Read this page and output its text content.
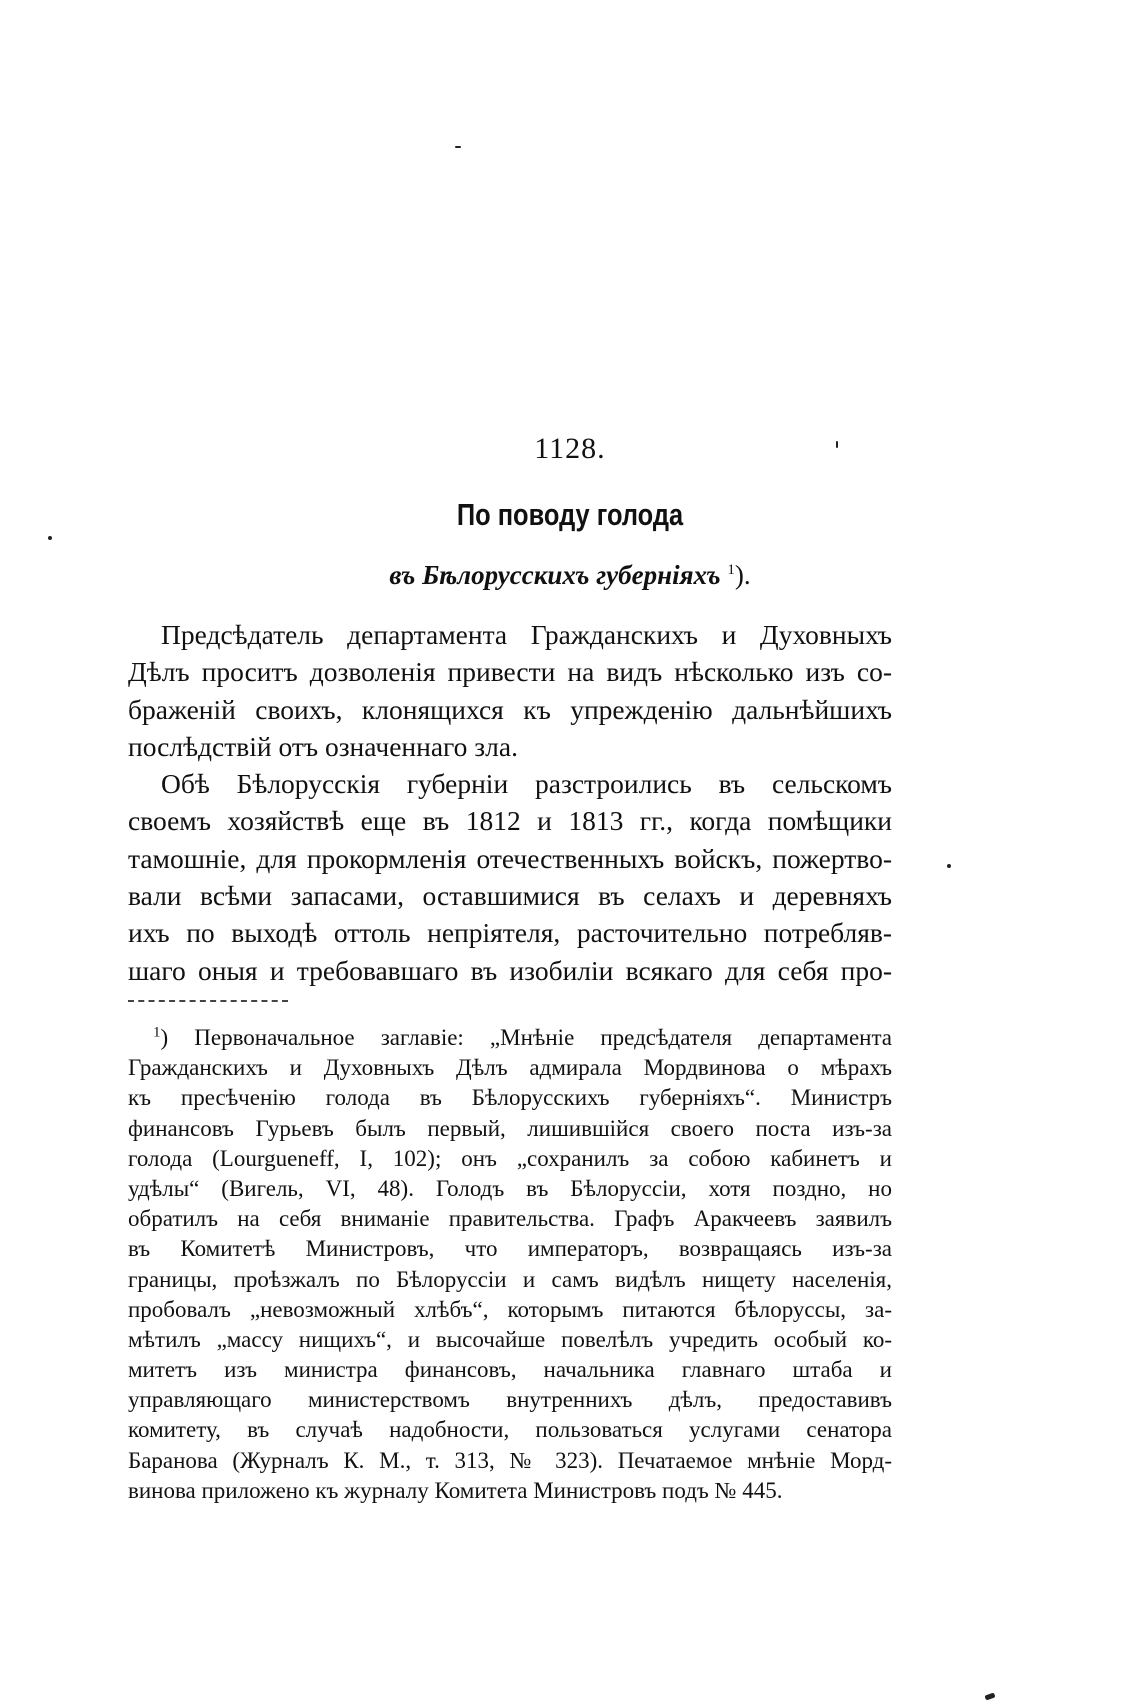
1128.
По поводу голода
въ Бѣлорусскихъ губерніяхъ $^1$).
Предсѣдатель департамента Гражданскихъ и Духовныхъ
Дѣлъ проситъ дозволенія привести на видъ нѣсколько изъ со-
браженій своихъ, клонящихся къ упрежденію дальнѣйшихъ
послѣдствій отъ означеннаго зла.
Обѣ Бѣлорусскія губерніи разстроились въ сельскомъ
своемъ хозяйствѣ еще въ 1812 и 1813 гг., когда помѣщики
тамошніе, для прокормленія отечественныхъ войскъ, пожертво-
вали всѣми запасами, оставшимися въ селахъ и деревняхъ
ихъ по выходѣ оттоль непріятеля, расточительно потребляв-
шаго оныя и требовавшаго въ изобиліи всякаго для себя про-
$^1$) Первоначальное заглавіе: „Мнѣніе предсѣдателя департамента
Гражданскихъ и Духовныхъ Дѣлъ адмирала Мордвинова о мѣрахъ
къ пресѣченію голода въ Бѣлорусскихъ губерніяхъ“. Министръ
финансовъ Гурьевъ былъ первый, лишившійся своего поста изъ-за
голода (Lourgueneff, I, 102); онъ „сохранилъ за собою кабинетъ и
удѣлы“ (Вигель, VI, 48). Голодъ въ Бѣлоруссіи, хотя поздно, но
обратилъ на себя вниманіе правительства. Графъ Аракчеевъ заявилъ
въ Комитетѣ Министровъ, что императоръ, возвращаясь изъ-за
границы, проѣзжалъ по Бѣлоруссіи и самъ видѣлъ нищету населенія,
пробовалъ „невозможный хлѣбъ“, которымъ питаются бѣлоруссы, за-
мѣтилъ „массу нищихъ“, и высочайше повелѣлъ учредить особый ко-
митетъ изъ министра финансовъ, начальника главнаго штаба и
управляющаго министерствомъ внутреннихъ дѣлъ, предоставивъ
комитету, въ случаѣ надобности, пользоваться услугами сенатора
Баранова (Журналъ К. М., т. 313, № 323). Печатаемое мнѣніе Морд-
винова приложено къ журналу Комитета Министровъ подъ № 445.
